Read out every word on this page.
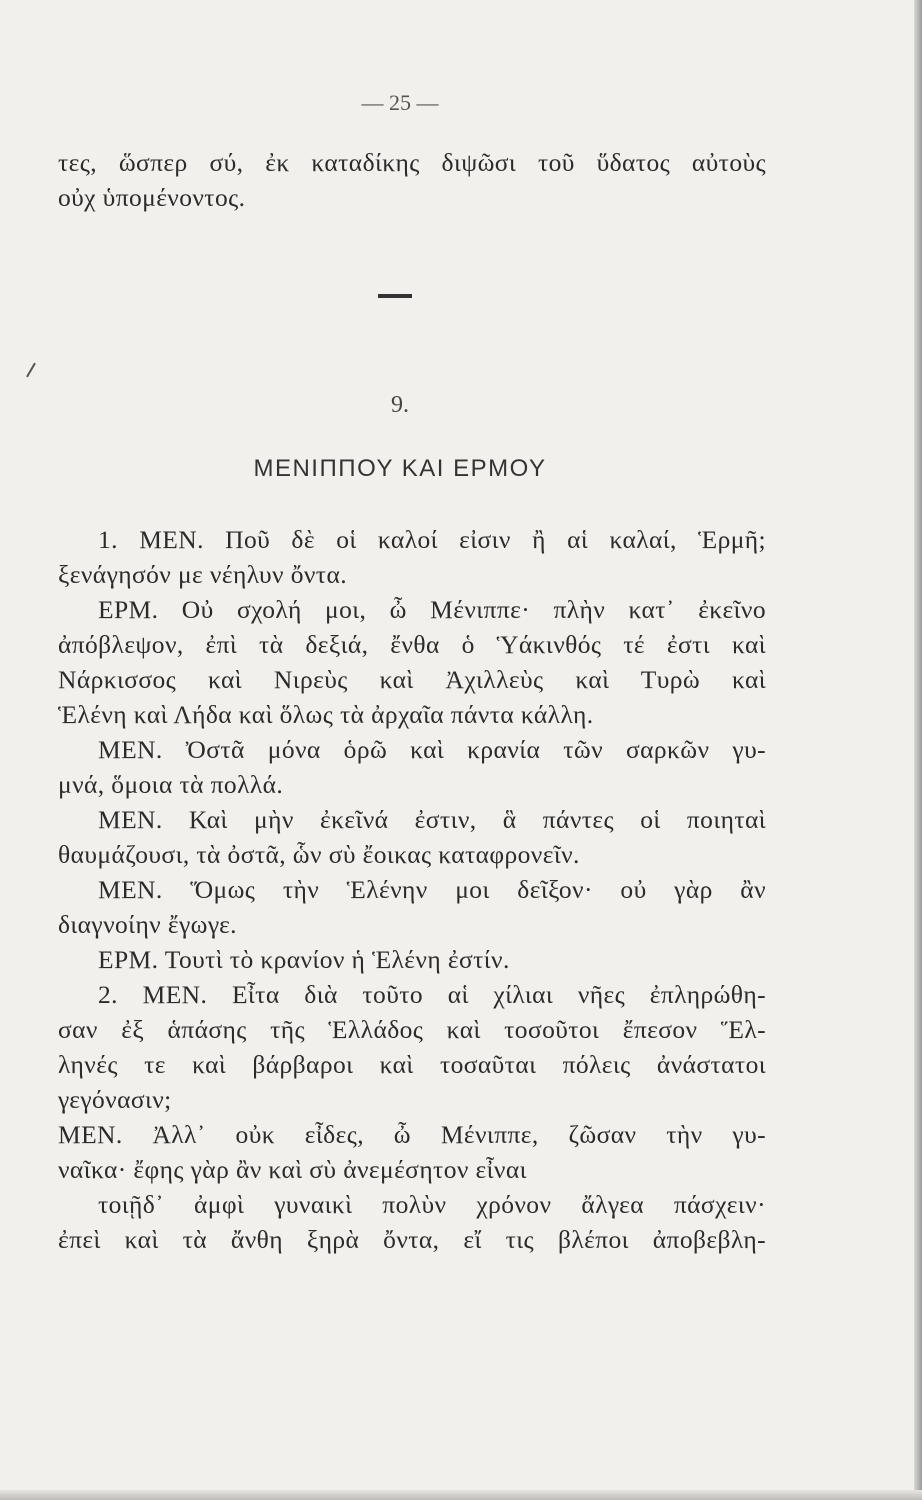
— 25 —
τες, ὥσπερ σύ, ἐκ καταδίκης διψῶσι τοῦ ὕδατος αὐτοὺς
οὐχ ὑπομένοντος.
9.
ΜΕΝΙΠΠΟΥ ΚΑΙ ΕΡΜΟΥ
1. ΜΕΝ. Ποῦ δὲ οἱ καλοί εἰσιν ἢ αἱ καλαί, Ἑρμῆ;
ξενάγησόν με νέηλυν ὄντα.
ΕΡΜ. Οὐ σχολή μοι, ὦ Μένιππε· πλὴν κατ᾽ ἐκεῖνο
ἀπόβλεψον, ἐπὶ τὰ δεξιά, ἔνθα ὁ Ὑάκινθός τέ ἐστι καὶ
Νάρκισσος καὶ Νιρεὺς καὶ Ἀχιλλεὺς καὶ Τυρὼ καὶ
Ἑλένη καὶ Λήδα καὶ ὅλως τὰ ἀρχαῖα πάντα κάλλη.
ΜΕΝ. Ὀστᾶ μόνα ὁρῶ καὶ κρανία τῶν σαρκῶν γυ-
μνά, ὅμοια τὰ πολλά.
ΜΕΝ. Καὶ μὴν ἐκεῖνά ἐστιν, ἃ πάντες οἱ ποιηταὶ
θαυμάζουσι, τὰ ὀστᾶ, ὧν σὺ ἔοικας καταφρονεῖν.
ΜΕΝ. Ὅμως τὴν Ἑλένην μοι δεῖξον· οὐ γὰρ ἂν
διαγνοίην ἔγωγε.
ΕΡΜ. Τουτὶ τὸ κρανίον ἡ Ἑλένη ἐστίν.
2. ΜΕΝ. Εἶτα διὰ τοῦτο αἱ χίλιαι νῆες ἐπληρώθη-
σαν ἐξ ἁπάσης τῆς Ἑλλάδος καὶ τοσοῦτοι ἔπεσον Ἕλ-
ληνές τε καὶ βάρβαροι καὶ τοσαῦται πόλεις ἀνάστατοι
γεγόνασιν;
ΜΕΝ. Ἀλλ᾽ οὐκ εἶδες, ὦ Μένιππε, ζῶσαν τὴν γυ-
ναῖκα· ἔφης γὰρ ἂν καὶ σὺ ἀνεμέσητον εἶναι
τοιῇδ᾽ ἀμφὶ γυναικὶ πολὺν χρόνον ἄλγεα πάσχειν·
ἐπεὶ καὶ τὰ ἄνθη ξηρὰ ὄντα, εἴ τις βλέποι ἀποβεβλη-
